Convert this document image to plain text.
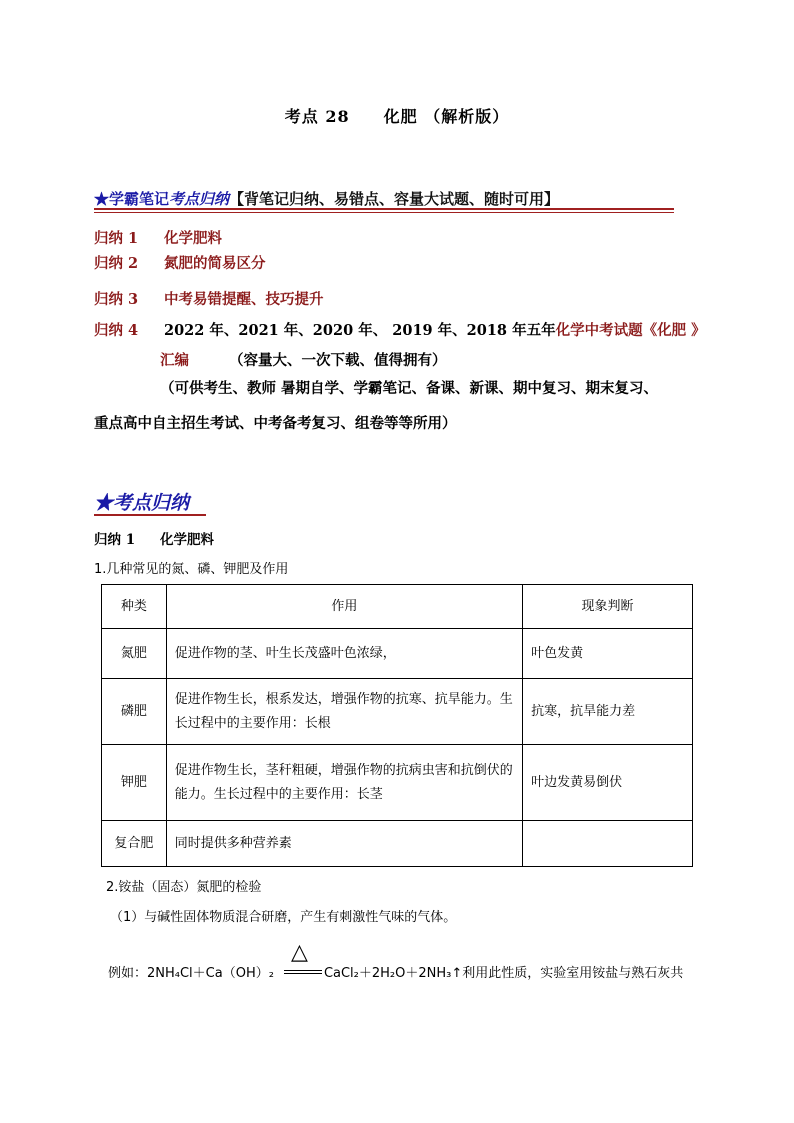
考点 28　　化肥 （解析版）
★学霸笔记考点归纳【背笔记归纳、易错点、容量大试题、随时可用】
归纳 1 化学肥料
归纳 2 氮肥的简易区分
归纳 3 中考易错提醒、技巧提升
归纳 4 2022 年、2021 年、2020 年、 2019 年、2018 年五年化学中考试题《化肥 》
汇编	（容量大、一次下载、值得拥有）
（可供考生、教师 暑期自学、学霸笔记、备课、新课、期中复习、期末复习、
重点高中自主招生考试、中考备考复习、组卷等等所用）
★考点归纳
归纳 1 化学肥料
1.几种常见的氮、磷、钾肥及作用
种类	作用	现象判断
氮肥	促进作物的茎、叶生长茂盛叶色浓绿，	叶色发黄
磷肥	促进作物生长，根系发达，增强作物的抗寒、抗旱能力。生长过程中的主要作用：长根	抗寒，抗旱能力差
钾肥	促进作物生长，茎秆粗硬，增强作物的抗病虫害和抗倒伏的能力。生长过程中的主要作用：长茎	叶边发黄易倒伏
复合肥	同时提供多种营养素	
2.铵盐（固态）氮肥的检验
（1）与碱性固体物质混合研磨，产生有刺激性气味的气体。
例如：2NH₄Cl＋Ca（OH）₂	CaCl₂＋2H₂O＋2NH₃↑利用此性质，实验室用铵盐与熟石灰共
△
